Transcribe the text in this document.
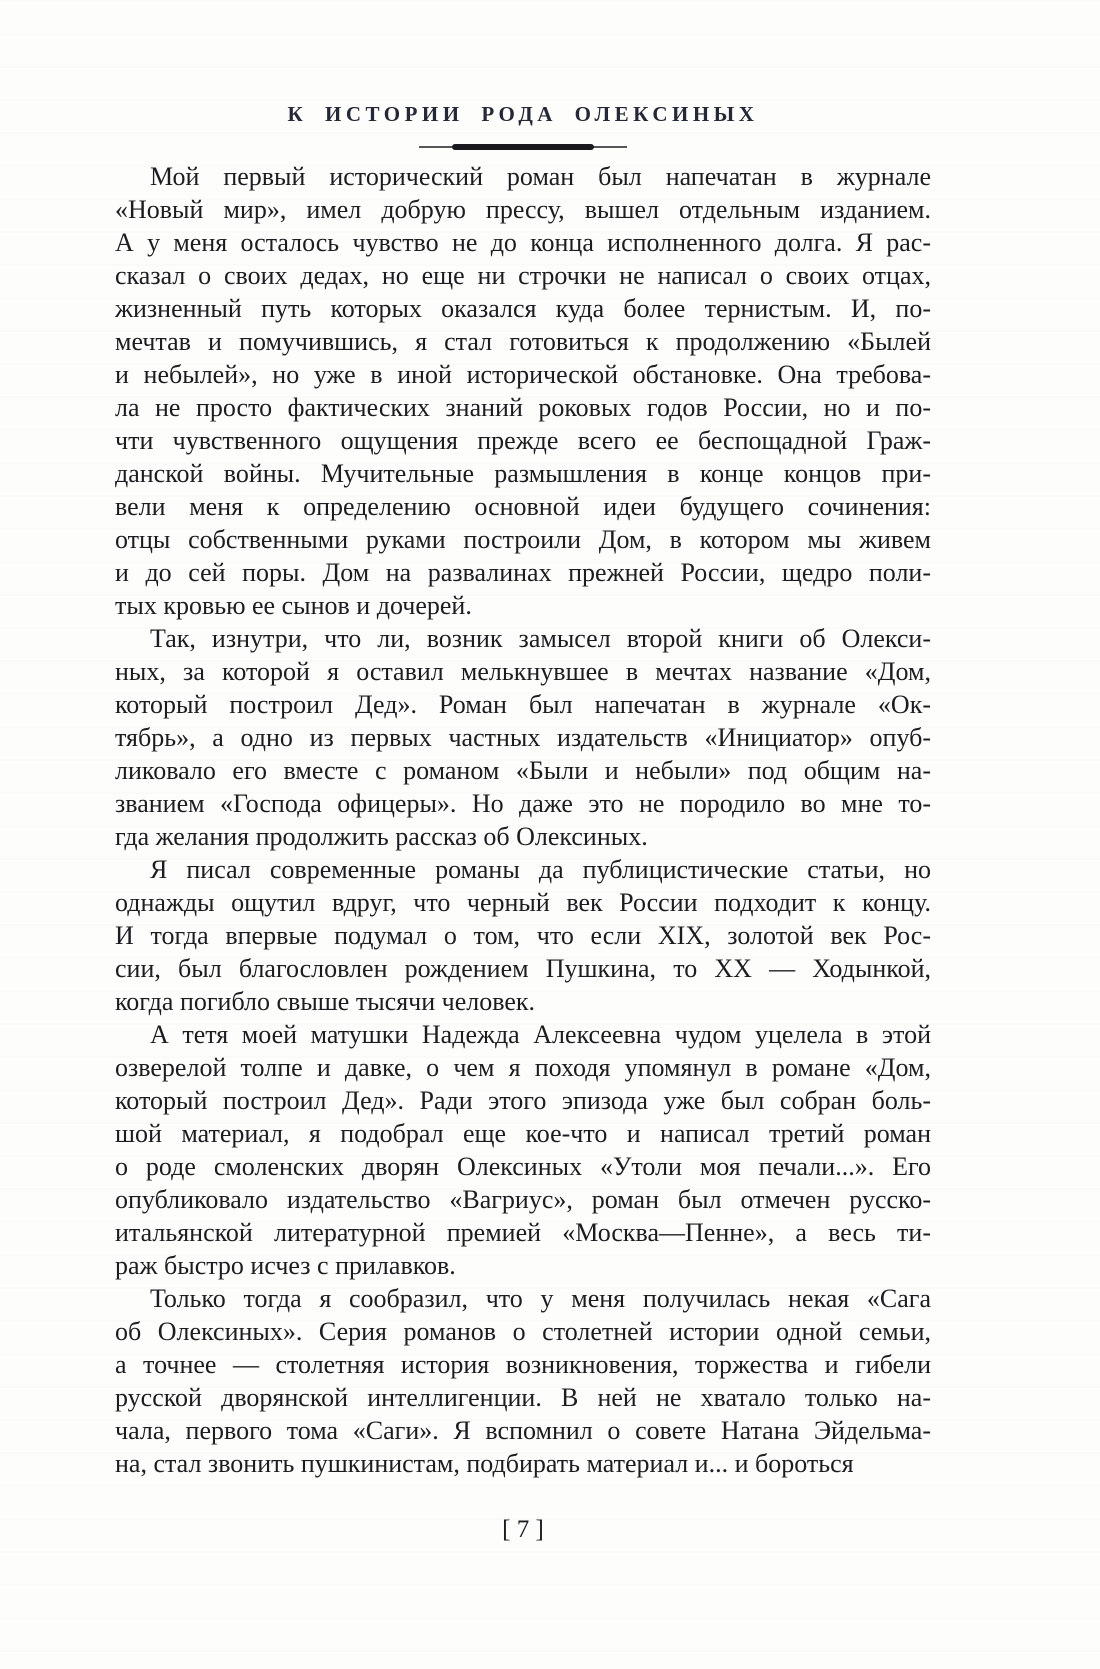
К ИСТОРИИ РОДА ОЛЕКСИНЫХ
Мой первый исторический роман был напечатан в журнале
«Новый мир», имел добрую прессу, вышел отдельным изданием.
А у меня осталось чувство не до конца исполненного долга. Я рас-
сказал о своих дедах, но еще ни строчки не написал о своих отцах,
жизненный путь которых оказался куда более тернистым. И, по-
мечтав и помучившись, я стал готовиться к продолжению «Былей
и небылей», но уже в иной исторической обстановке. Она требова-
ла не просто фактических знаний роковых годов России, но и по-
чти чувственного ощущения прежде всего ее беспощадной Граж-
данской войны. Мучительные размышления в конце концов при-
вели меня к определению основной идеи будущего сочинения:
отцы собственными руками построили Дом, в котором мы живем
и до сей поры. Дом на развалинах прежней России, щедро поли-
тых кровью ее сынов и дочерей.
Так, изнутри, что ли, возник замысел второй книги об Олекси-
ных, за которой я оставил мелькнувшее в мечтах название «Дом,
который построил Дед». Роман был напечатан в журнале «Ок-
тябрь», а одно из первых частных издательств «Инициатор» опуб-
ликовало его вместе с романом «Были и небыли» под общим на-
званием «Господа офицеры». Но даже это не породило во мне то-
гда желания продолжить рассказ об Олексиных.
Я писал современные романы да публицистические статьи, но
однажды ощутил вдруг, что черный век России подходит к концу.
И тогда впервые подумал о том, что если XIX, золотой век Рос-
сии, был благословлен рождением Пушкина, то XX — Ходынкой,
когда погибло свыше тысячи человек.
А тетя моей матушки Надежда Алексеевна чудом уцелела в этой
озверелой толпе и давке, о чем я походя упомянул в романе «Дом,
который построил Дед». Ради этого эпизода уже был собран боль-
шой материал, я подобрал еще кое-что и написал третий роман
о роде смоленских дворян Олексиных «Утоли моя печали...». Его
опубликовало издательство «Вагриус», роман был отмечен русско-
итальянской литературной премией «Москва—Пенне», а весь ти-
раж быстро исчез с прилавков.
Только тогда я сообразил, что у меня получилась некая «Сага
об Олексиных». Серия романов о столетней истории одной семьи,
а точнее — столетняя история возникновения, торжества и гибели
русской дворянской интеллигенции. В ней не хватало только на-
чала, первого тома «Саги». Я вспомнил о совете Натана Эйдельма-
на, стал звонить пушкинистам, подбирать материал и... и бороться
[ 7 ]
